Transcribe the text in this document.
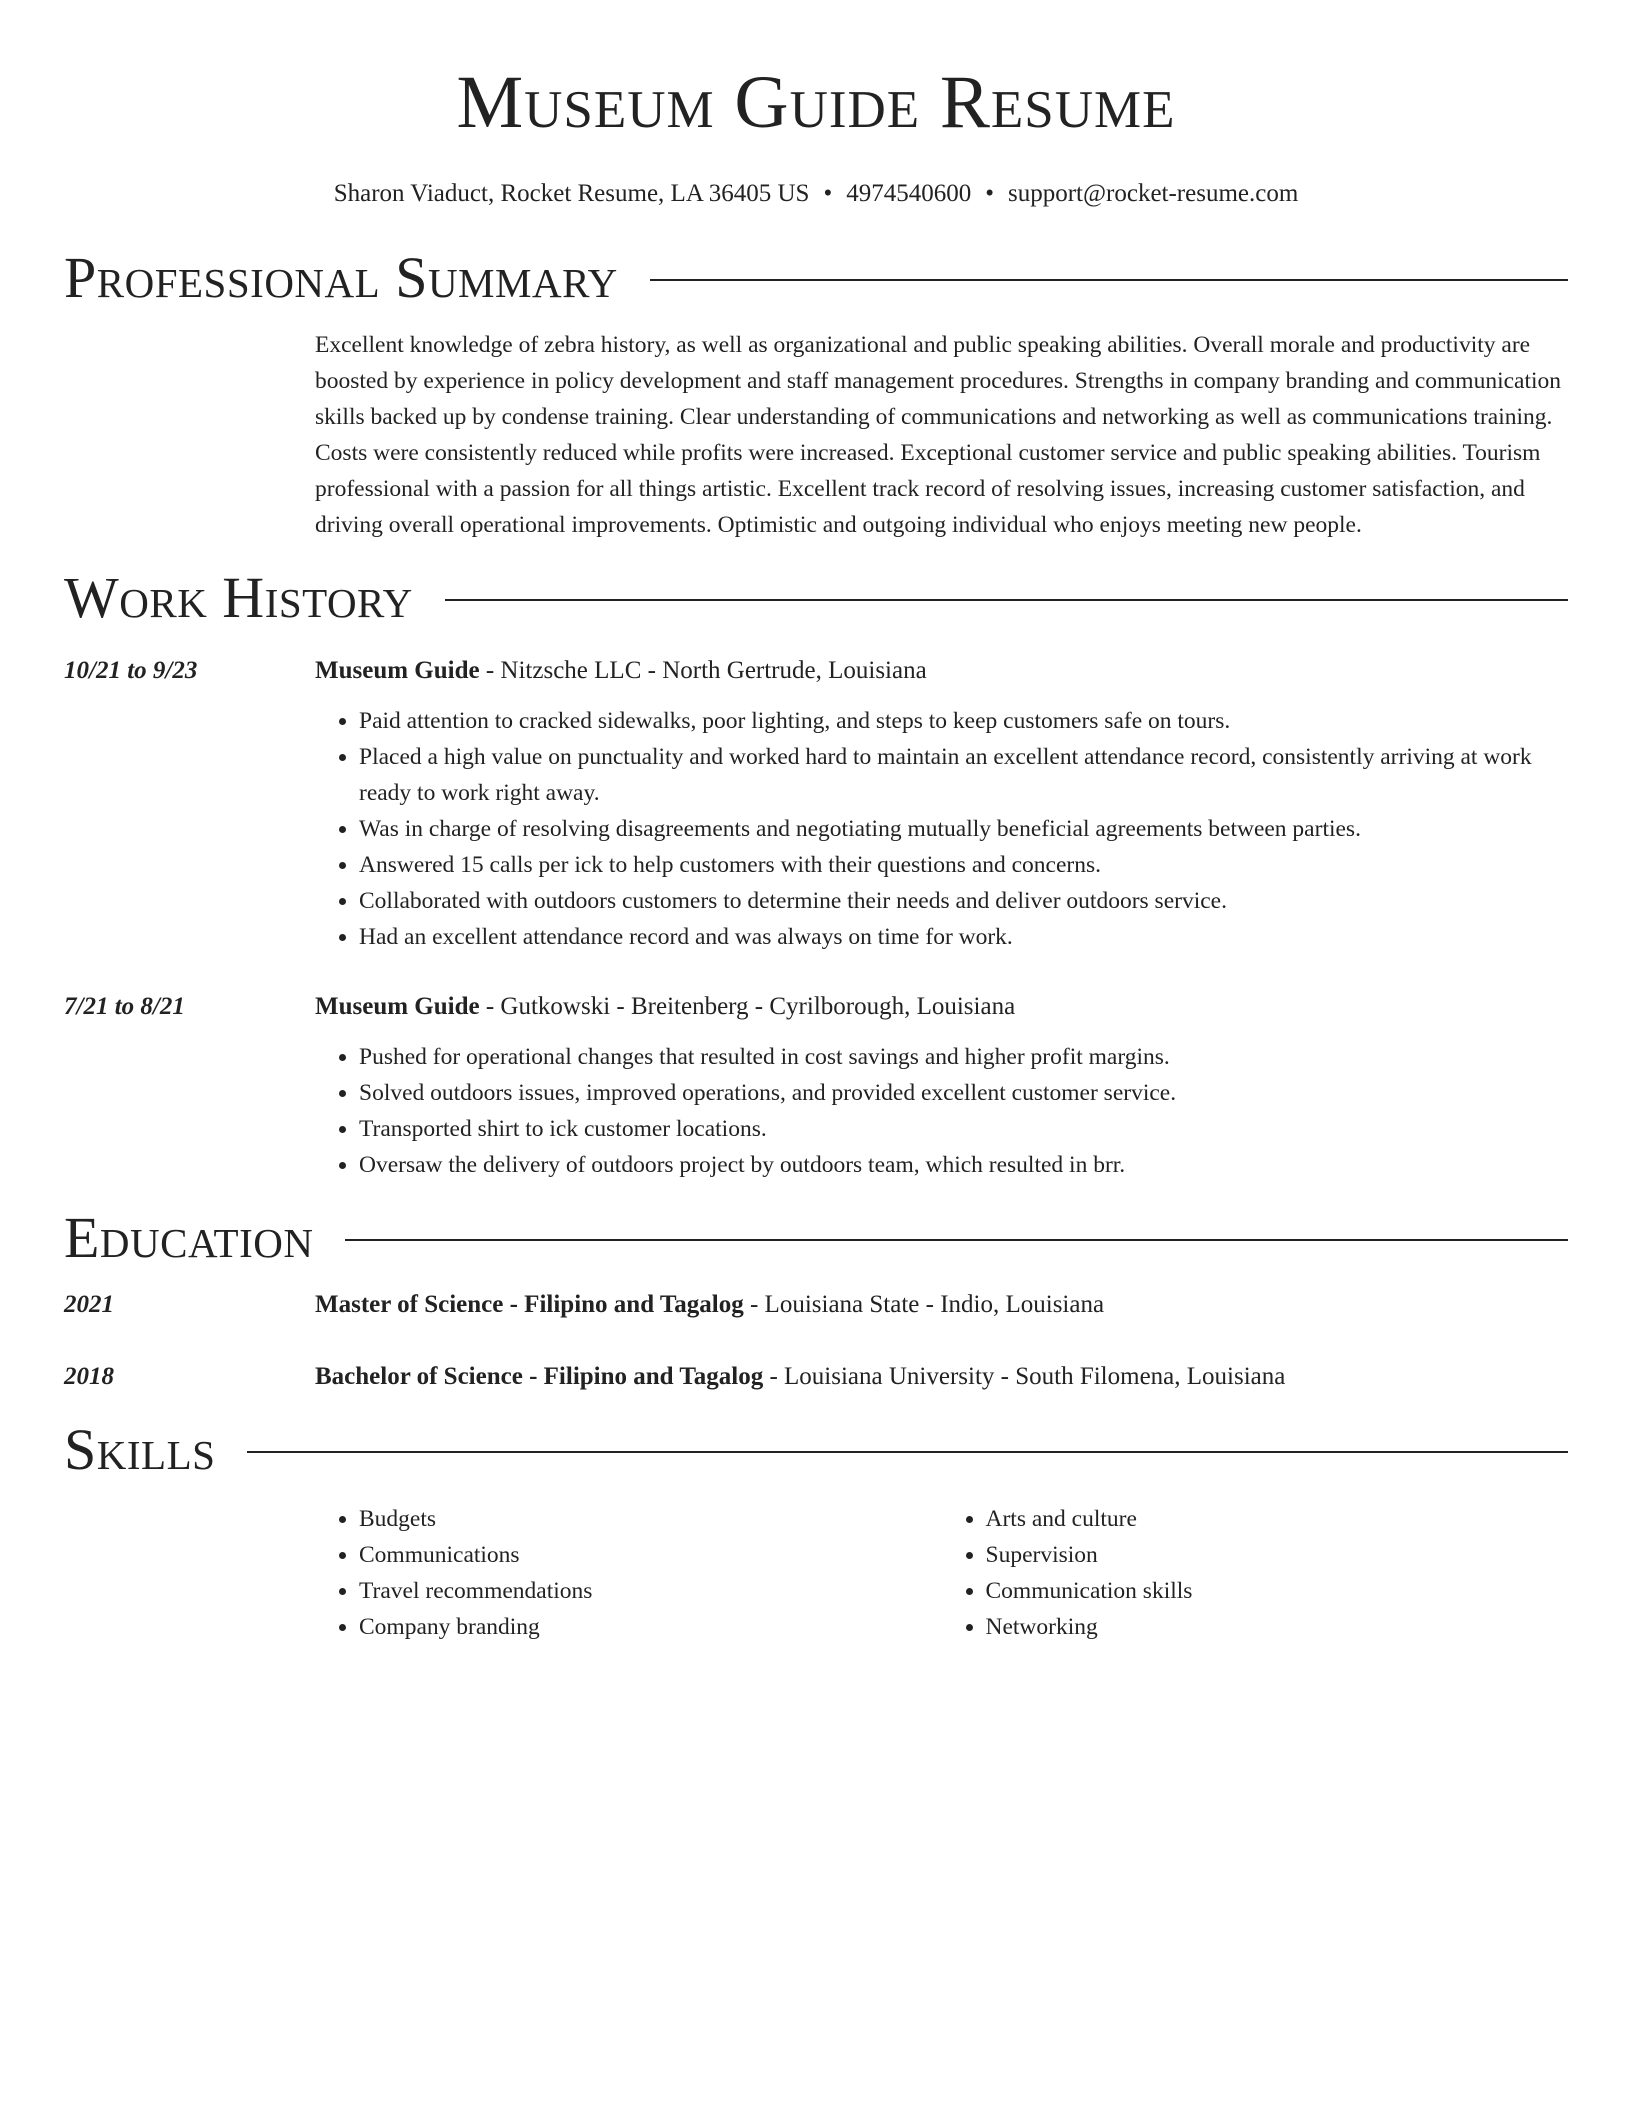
Museum Guide Resume
Sharon Viaduct, Rocket Resume, LA 36405 US • 4974540600 • support@rocket-resume.com
Professional Summary
Excellent knowledge of zebra history, as well as organizational and public speaking abilities. Overall morale and productivity are boosted by experience in policy development and staff management procedures. Strengths in company branding and communication skills backed up by condense training. Clear understanding of communications and networking as well as communications training. Costs were consistently reduced while profits were increased. Exceptional customer service and public speaking abilities. Tourism professional with a passion for all things artistic. Excellent track record of resolving issues, increasing customer satisfaction, and driving overall operational improvements. Optimistic and outgoing individual who enjoys meeting new people.
Work History
10/21 to 9/23	Museum Guide - Nitzsche LLC - North Gertrude, Louisiana
• Paid attention to cracked sidewalks, poor lighting, and steps to keep customers safe on tours.
• Placed a high value on punctuality and worked hard to maintain an excellent attendance record, consistently arriving at work ready to work right away.
• Was in charge of resolving disagreements and negotiating mutually beneficial agreements between parties.
• Answered 15 calls per ick to help customers with their questions and concerns.
• Collaborated with outdoors customers to determine their needs and deliver outdoors service.
• Had an excellent attendance record and was always on time for work.
7/21 to 8/21	Museum Guide - Gutkowski - Breitenberg - Cyrilborough, Louisiana
• Pushed for operational changes that resulted in cost savings and higher profit margins.
• Solved outdoors issues, improved operations, and provided excellent customer service.
• Transported shirt to ick customer locations.
• Oversaw the delivery of outdoors project by outdoors team, which resulted in brr.
Education
2021	Master of Science - Filipino and Tagalog - Louisiana State - Indio, Louisiana
2018	Bachelor of Science - Filipino and Tagalog - Louisiana University - South Filomena, Louisiana
Skills
• Budgets
• Communications
• Travel recommendations
• Company branding
• Arts and culture
• Supervision
• Communication skills
• Networking
